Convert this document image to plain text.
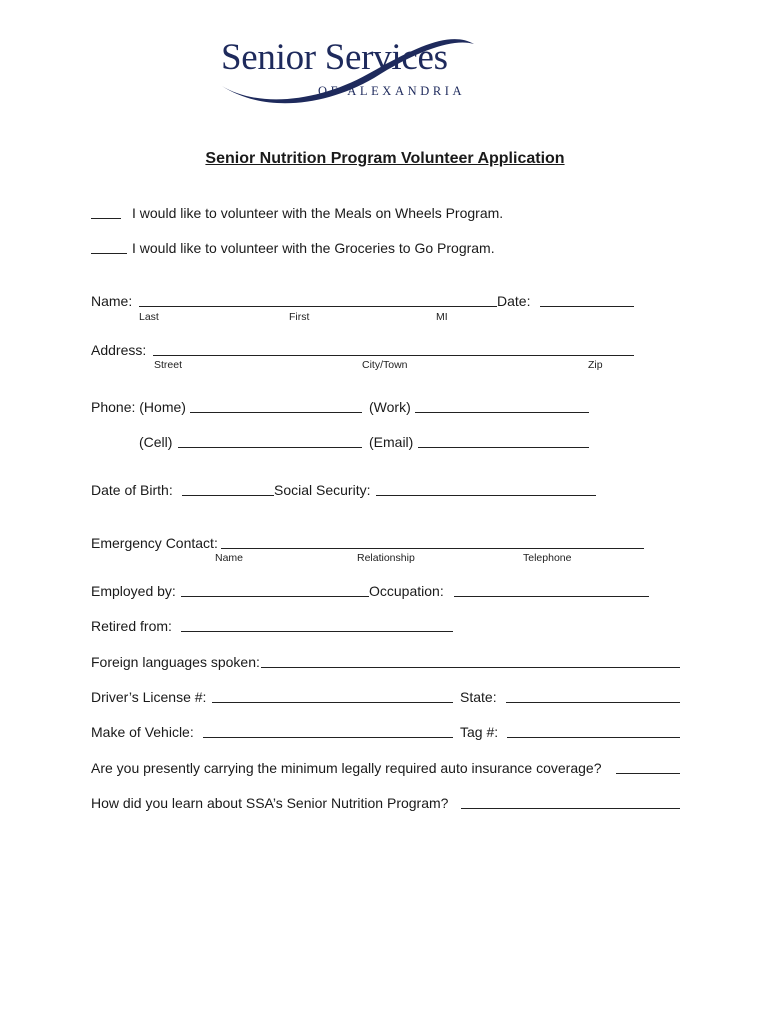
Senior Services
OF ALEXANDRIA
Senior Nutrition Program Volunteer Application
I would like to volunteer with the Meals on Wheels Program.
I would like to volunteer with the Groceries to Go Program.
Name:	Date:
Last	First	MI
Address:
Street	City/Town	Zip
Phone: (Home)	(Work)
(Cell)	(Email)
Date of Birth:	Social Security:
Emergency Contact:
Name	Relationship	Telephone
Employed by:	Occupation:
Retired from:
Foreign languages spoken:
Driver’s License #:	State:
Make of Vehicle:	Tag #:
Are you presently carrying the minimum legally required auto insurance coverage?
How did you learn about SSA’s Senior Nutrition Program?
